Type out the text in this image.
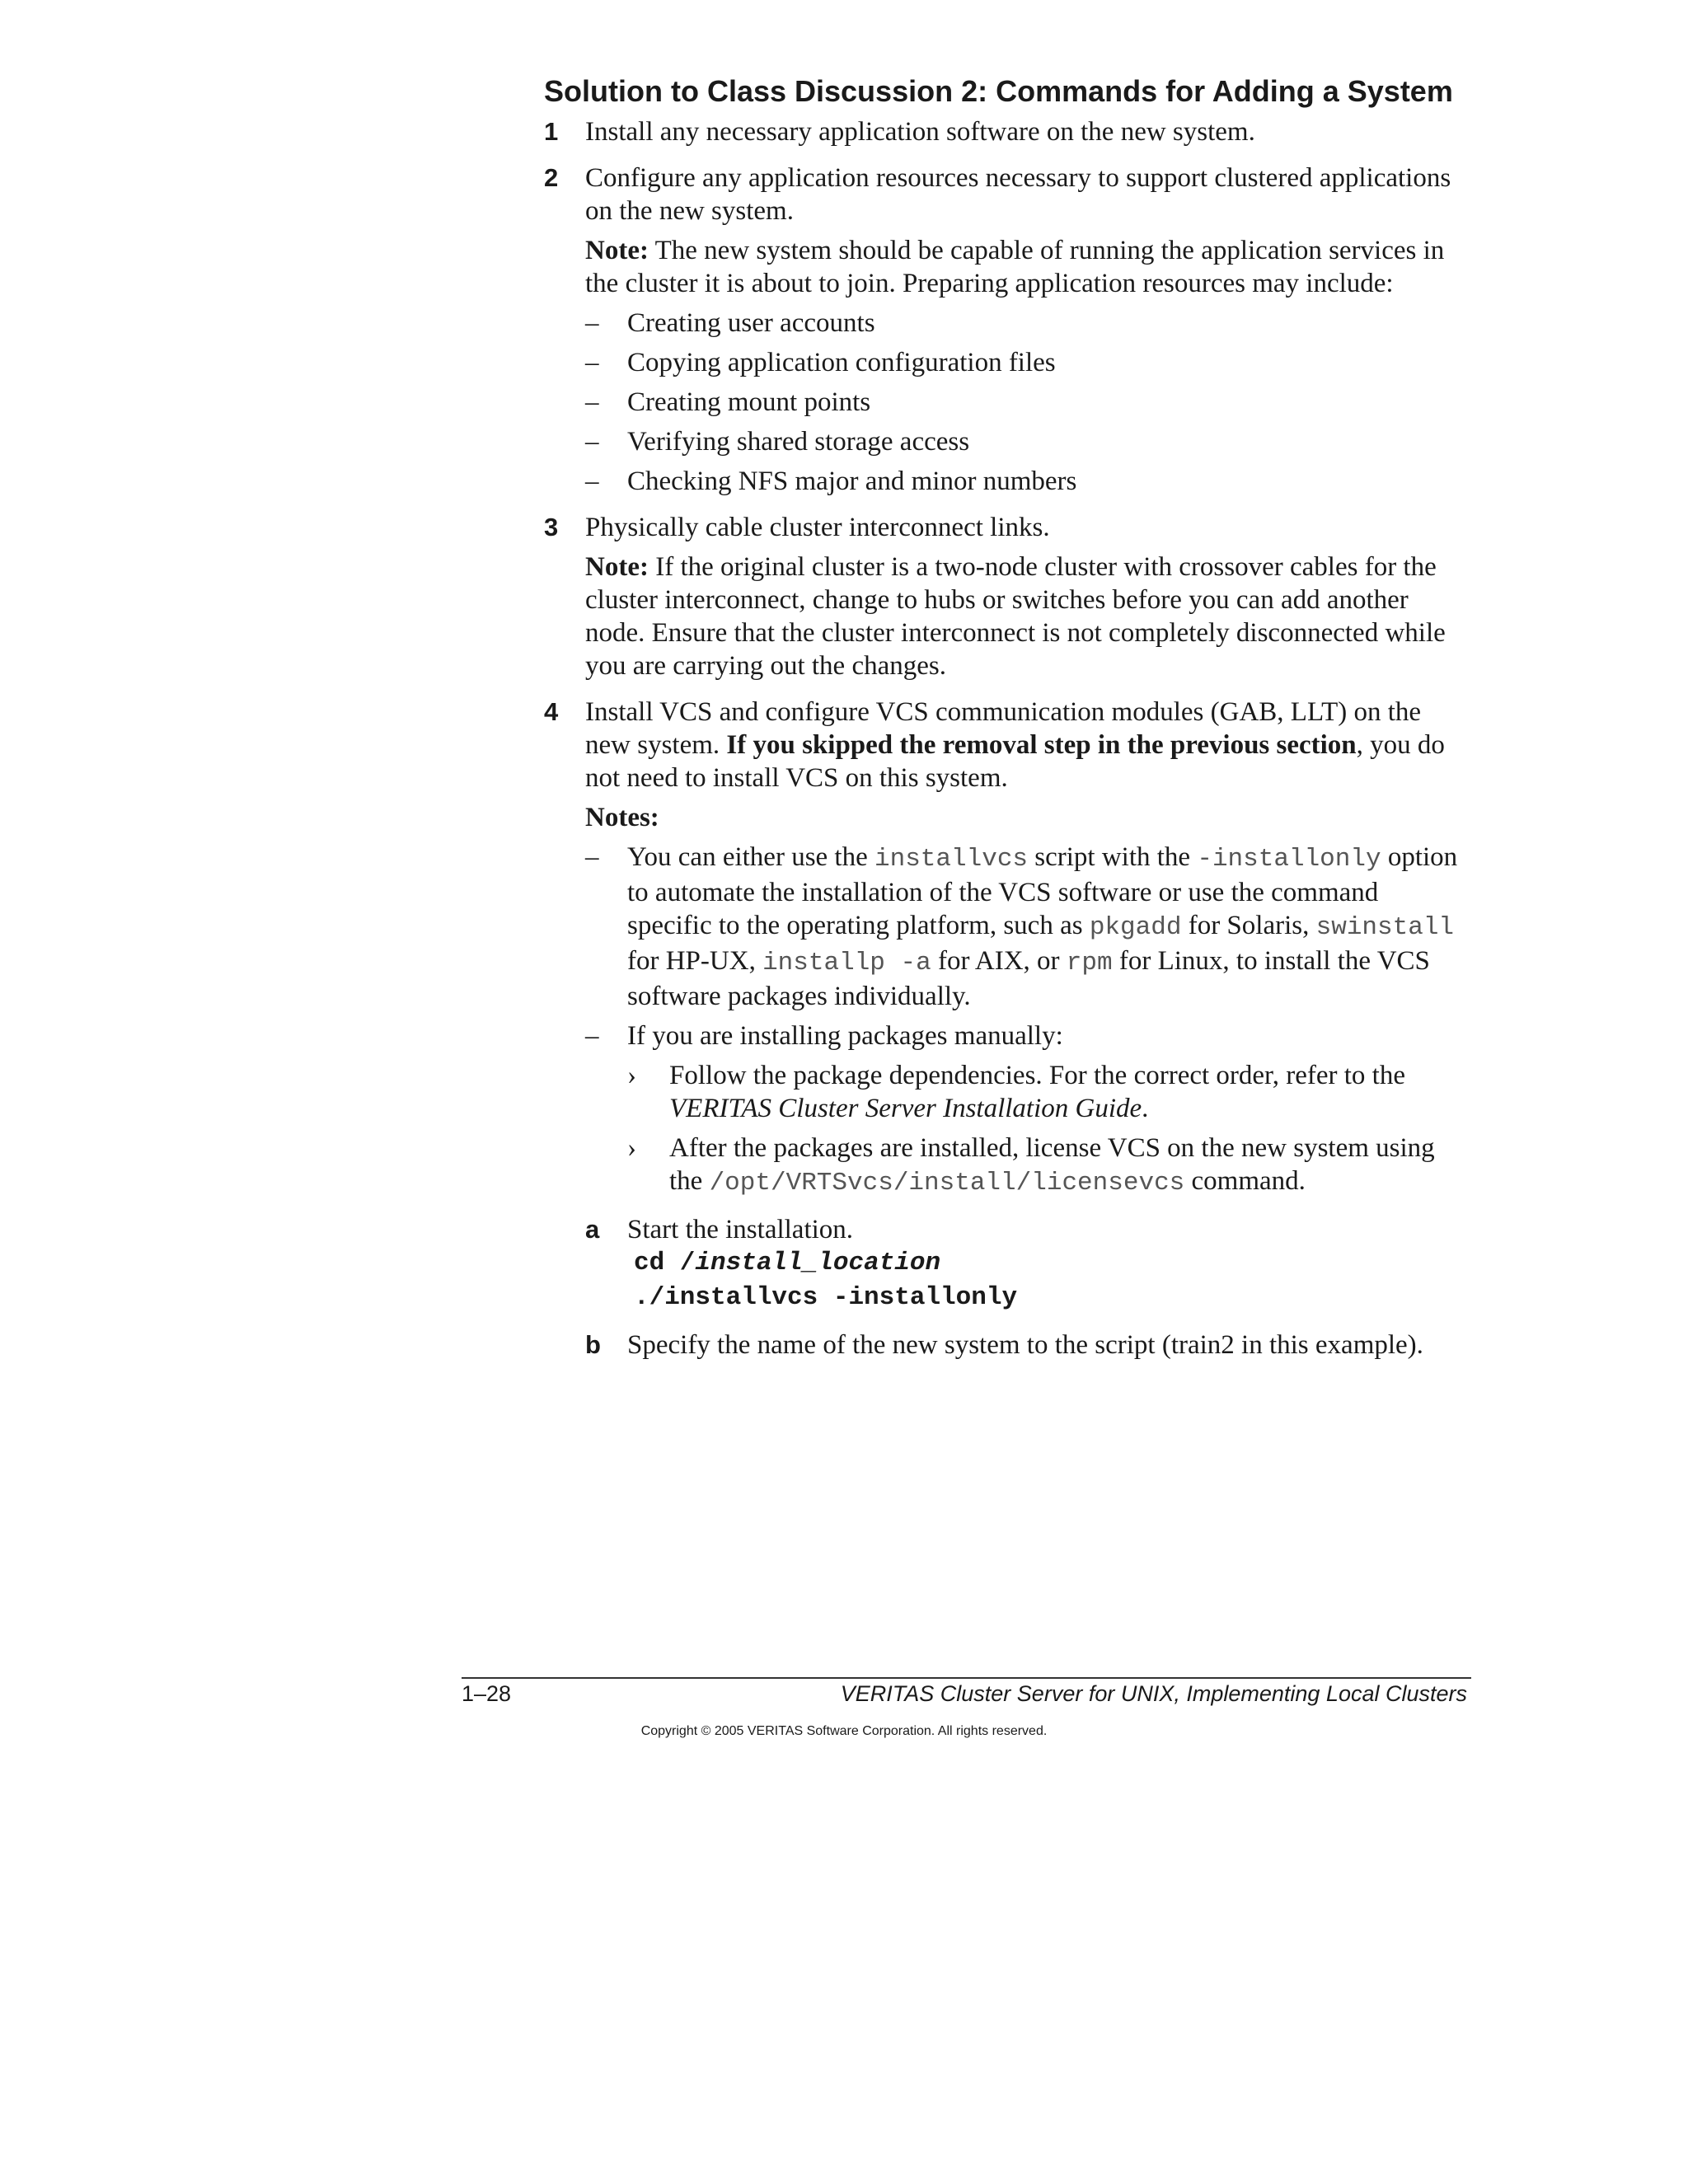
Solution to Class Discussion 2: Commands for Adding a System
1 Install any necessary application software on the new system.
2 Configure any application resources necessary to support clustered applications on the new system.
Note: The new system should be capable of running the application services in the cluster it is about to join. Preparing application resources may include:
–	Creating user accounts
–	Copying application configuration files
–	Creating mount points
–	Verifying shared storage access
–	Checking NFS major and minor numbers
3 Physically cable cluster interconnect links.
Note: If the original cluster is a two-node cluster with crossover cables for the cluster interconnect, change to hubs or switches before you can add another node. Ensure that the cluster interconnect is not completely disconnected while you are carrying out the changes.
4 Install VCS and configure VCS communication modules (GAB, LLT) on the new system. If you skipped the removal step in the previous section, you do not need to install VCS on this system.
Notes:
–	You can either use the installvcs script with the -installonly option to automate the installation of the VCS software or use the command specific to the operating platform, such as pkgadd for Solaris, swinstall for HP-UX, installp -a for AIX, or rpm for Linux, to install the VCS software packages individually.
–	If you are installing packages manually:
›	Follow the package dependencies. For the correct order, refer to the VERITAS Cluster Server Installation Guide.
›	After the packages are installed, license VCS on the new system using the /opt/VRTSvcs/install/licensevcs command.
a	Start the installation.
cd /install_location
./installvcs -installonly
b Specify the name of the new system to the script (train2 in this example).
1–28	VERITAS Cluster Server for UNIX, Implementing Local Clusters
Copyright © 2005 VERITAS Software Corporation. All rights reserved.
